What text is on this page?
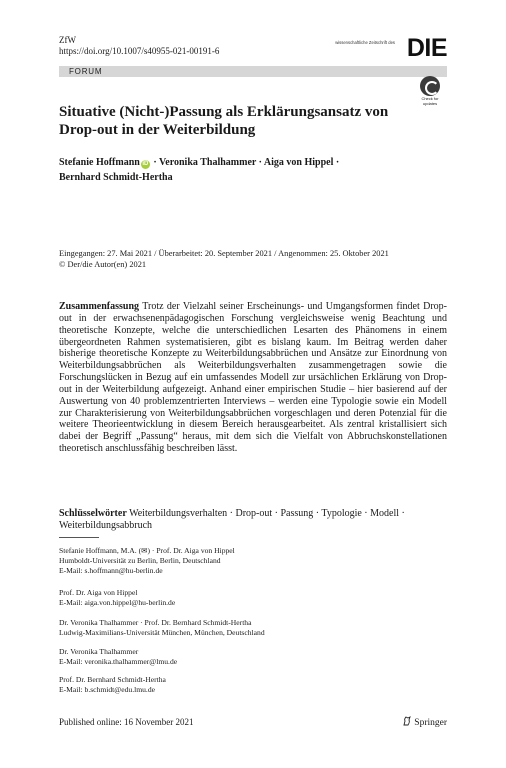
ZfW
https://doi.org/10.1007/s40955-021-00191-6
wissenschaftliche Zeitschrift des DIE
FORUM
Check for updates
Situative (Nicht-)Passung als Erklärungsansatz von Drop-out in der Weiterbildung
Stefanie Hoffmann iD · Veronika Thalhammer · Aiga von Hippel ·
Bernhard Schmidt-Hertha
Eingegangen: 27. Mai 2021 / Überarbeitet: 20. September 2021 / Angenommen: 25. Oktober 2021
© Der/die Autor(en) 2021
Zusammenfassung Trotz der Vielzahl seiner Erscheinungs- und Umgangsformen findet Drop-out in der erwachsenenpädagogischen Forschung vergleichsweise wenig Beachtung und theoretische Konzepte, welche die unterschiedlichen Lesarten des Phänomens in einem übergeordneten Rahmen systematisieren, gibt es bislang kaum. Im Beitrag werden daher bisherige theoretische Konzepte zu Weiterbildungsabbrüchen und Ansätze zur Einordnung von Weiterbildungsabbrüchen als Weiterbildungsverhalten zusammengetragen sowie die Forschungslücken in Bezug auf ein umfassendes Modell zur ursächlichen Erklärung von Drop-out in der Weiterbildung aufgezeigt. Anhand einer empirischen Studie – hier basierend auf der Auswertung von 40 problemzentrierten Interviews – werden eine Typologie sowie ein Modell zur Charakterisierung von Weiterbildungsabbrüchen vorgeschlagen und deren Potenzial für die weitere Theorieentwicklung in diesem Bereich herausgearbeitet. Als zentral kristallisiert sich dabei der Begriff „Passung“ heraus, mit dem sich die Vielfalt von Abbruchskonstellationen theoretisch anschlussfähig beschreiben lässt.
Schlüsselwörter Weiterbildungsverhalten · Drop-out · Passung · Typologie · Modell · Weiterbildungsabbruch
Stefanie Hoffmann, M.A. (✉) · Prof. Dr. Aiga von Hippel
Humboldt-Universität zu Berlin, Berlin, Deutschland
E-Mail: s.hoffmann@hu-berlin.de
Prof. Dr. Aiga von Hippel
E-Mail: aiga.von.hippel@hu-berlin.de
Dr. Veronika Thalhammer · Prof. Dr. Bernhard Schmidt-Hertha
Ludwig-Maximilians-Universität München, München, Deutschland
Dr. Veronika Thalhammer
E-Mail: veronika.thalhammer@lmu.de
Prof. Dr. Bernhard Schmidt-Hertha
E-Mail: b.schmidt@edu.lmu.de
Published online: 16 November 2021	Springer
